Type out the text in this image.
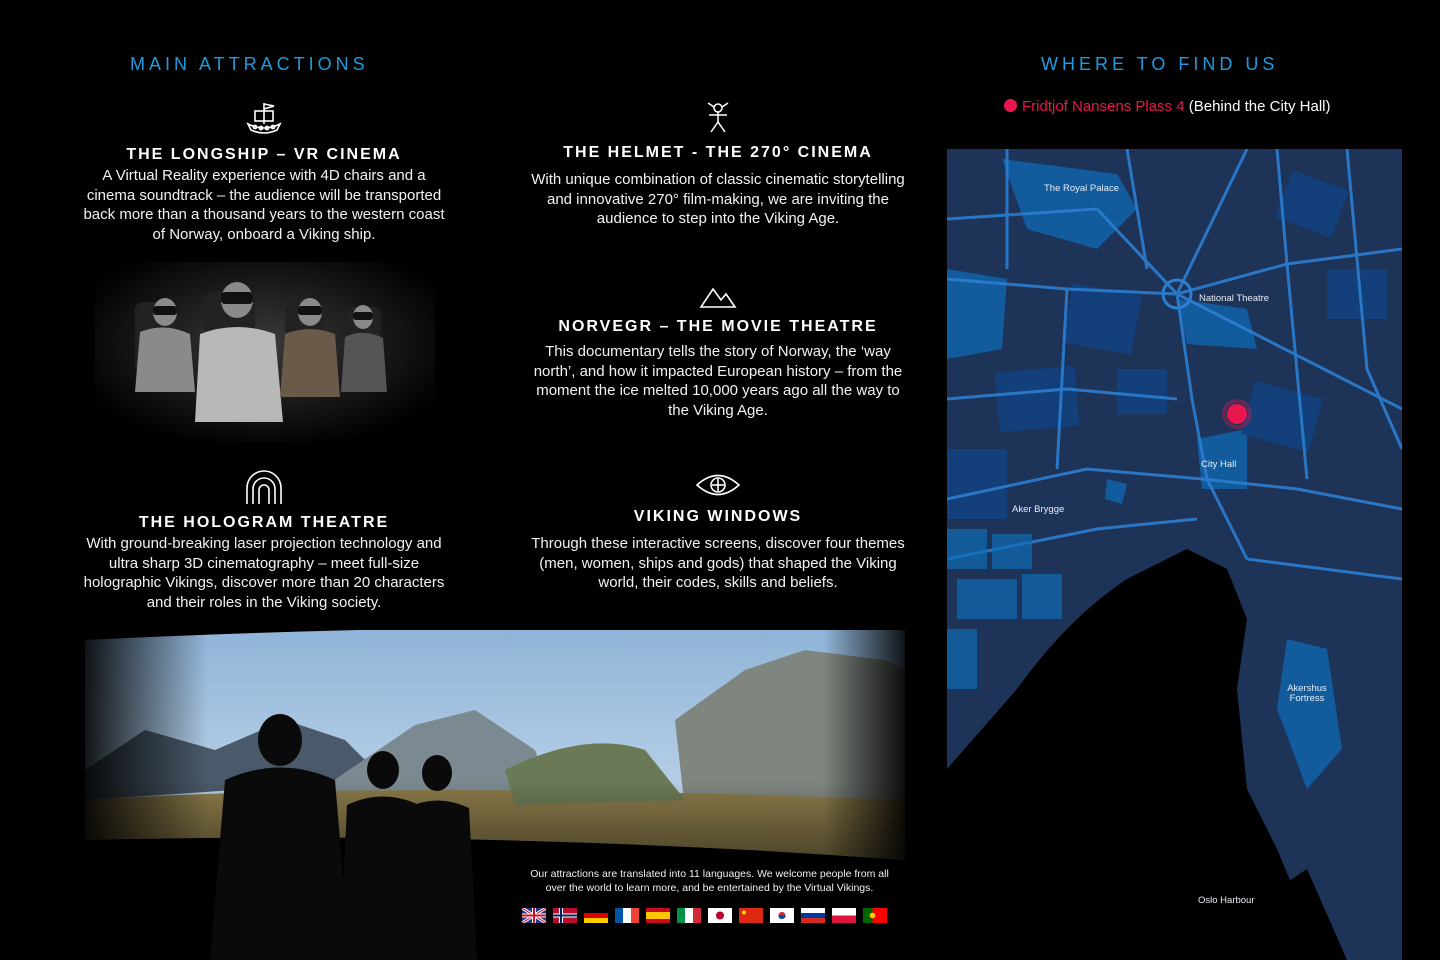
MAIN ATTRACTIONS	WHERE TO FIND US
THE LONGSHIP – VR CINEMA
A Virtual Reality experience with 4D chairs and a cinema soundtrack – the audience will be transported back more than a thousand years to the western coast of Norway, onboard a Viking ship.
THE HELMET - THE 270° CINEMA
With unique combination of classic cinematic storytelling and innovative 270° film-making, we are inviting the audience to step into the Viking Age.
NORVEGR – THE MOVIE THEATRE
This documentary tells the story of Norway, the ‘way north’, and how it impacted European history – from the moment the ice melted 10,000 years ago all the way to the Viking Age.
THE HOLOGRAM THEATRE
With ground-breaking laser projection technology and ultra sharp 3D cinematography – meet full-size holographic Vikings, discover more than 20 characters and their roles in the Viking society.
VIKING WINDOWS
Through these interactive screens, discover four themes (men, women, ships and gods) that shaped the Viking world, their codes, skills and beliefs.
Our attractions are translated into 11 languages. We welcome people from all over the world to learn more, and be entertained by the Virtual Vikings.
Fridtjof Nansens Plass 4 (Behind the City Hall)
The Royal Palace
National Theatre
City Hall
Aker Brygge
Akershus Fortress
Oslo Harbour
